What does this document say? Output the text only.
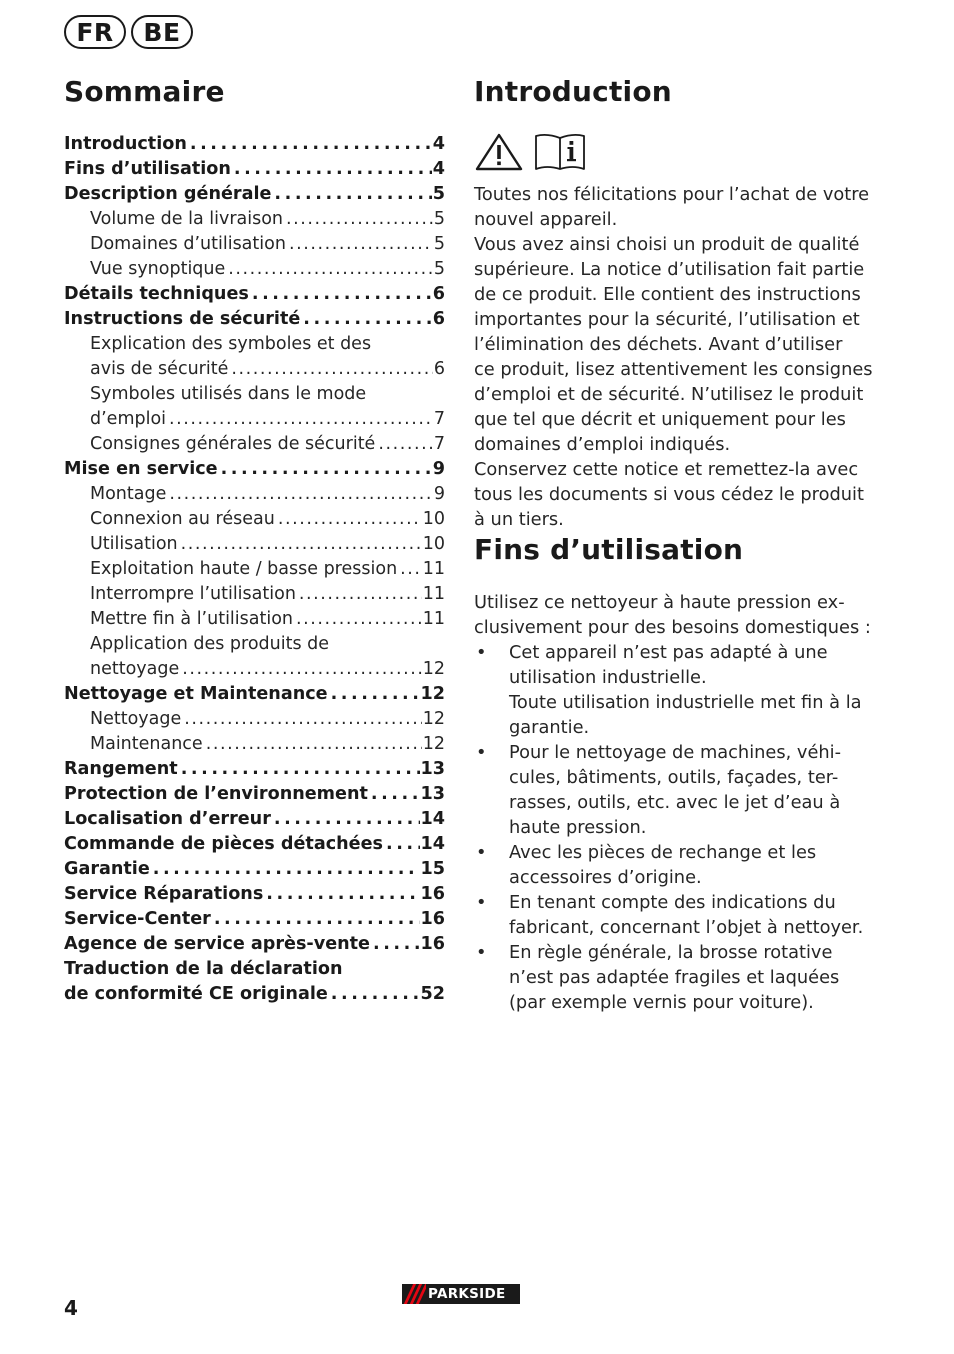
FR	BE
Sommaire
Introduction . . .	4
Fins d’utilisation . . .	4
Description générale . . .	5
Volume de la livraison . . .	5
Domaines d’utilisation . . .	5
Vue synoptique . . .	5
Détails techniques . . .	6
Instructions de sécurité . . .	6
Explication des symboles et des
avis de sécurité . . .	6
Symboles utilisés dans le mode
d’emploi . . .	7
Consignes générales de sécurité . . .	7
Mise en service . . .	9
Montage . . .	9
Connexion au réseau . . .	10
Utilisation . . .	10
Exploitation haute / basse pression . . . 11
Interrompre l’utilisation . . .	11
Mettre fin à l’utilisation . . .	11
Application des produits de
nettoyage . . .	12
Nettoyage et Maintenance . . .	12
Nettoyage . . .	12
Maintenance . . .	12
Rangement . . .	13
Protection de l’environnement . . .	13
Localisation d’erreur . . .	14
Commande de pièces détachées . . . 14
Garantie . . .	15
Service Réparations . . .	16
Service-Center . . .	16
Agence de service après-vente . . .	16
Traduction de la déclaration
de conformité CE originale . . .	52
Introduction

Toutes nos félicitations pour l’achat de votre

nouvel appareil.

Vous avez ainsi choisi un produit de qualité

supérieure. La notice d’utilisation fait partie

de ce produit. Elle contient des instructions

importantes pour la sécurité, l’utilisation et

l’élimination des déchets. Avant d’utiliser

ce produit, lisez attentivement les consignes

d’emploi et de sécurité. N’utilisez le produit

que tel que décrit et uniquement pour les

domaines d’emploi indiqués.

Conservez cette notice et remettez-la avec

tous les documents si vous cédez le produit

à un tiers.

Fins d’utilisation

Utilisez ce nettoyeur à haute pression ex-

clusivement pour des besoins domestiques :

• Cet appareil n’est pas adapté à une

utilisation industrielle.

Toute utilisation industrielle met fin à la

garantie.

• Pour le nettoyage de machines, véhi-

cules, bâtiments, outils, façades, ter-

rasses, outils, etc. avec le jet d’eau à

haute pression.

• Avec les pièces de rechange et les

accessoires d’origine.

• En tenant compte des indications du

fabricant, concernant l’objet à nettoyer.

• En règle générale, la brosse rotative

n’est pas adaptée fragiles et laquées

(par exemple vernis pour voiture).

4
PARKSIDE
